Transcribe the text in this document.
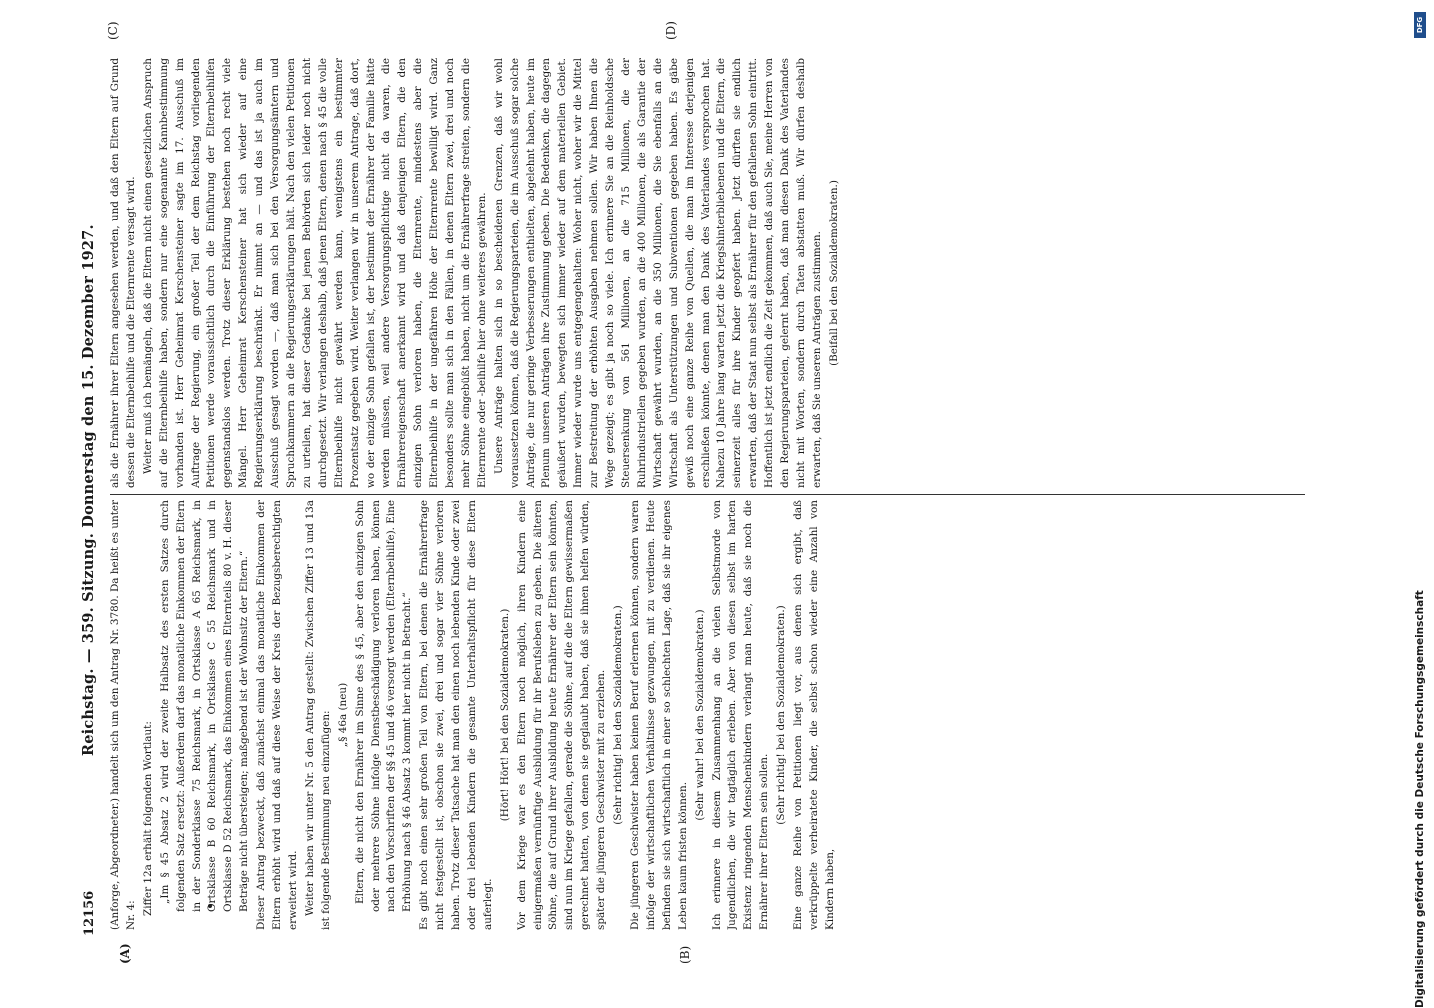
12156
Reichstag. — 359. Sitzung. Donnerstag den 15. Dezember 1927.
(A)	(B)
(C)	(D)

(Anforge, Abgeordneter.) handelt sich um den Antrag Nr. 3780. Da heißt es unter Nr. 4: Ziffer 12a erhält folgenden Wortlaut: „Im § 45 Absatz 2 wird der zweite Halbsatz des ersten Satzes durch folgenden Satz ersetzt: Außerdem darf das monatliche Einkommen der Eltern in der Sonderklasse 75 Reichsmark, in Ortsklasse A 65 Reichsmark, in Ortsklasse B 60 Reichsmark, in Ortsklasse C 55 Reichsmark und in Ortsklasse D 52 Reichsmark, das Einkommen eines Elternteils 80 v. H. dieser Beträge nicht übersteigen; maßgebend ist der Wohnsitz der Eltern.“ Dieser Antrag bezweckt, daß zunächst einmal das monatliche Einkommen der Eltern erhöht wird und daß auf diese Weise der Kreis der Bezugsberechtigten erweitert wird. Weiter haben wir unter Nr. 5 den Antrag gestellt: Zwischen Ziffer 13 und 13a ist folgende Bestimmung neu einzufügen: „§ 46a (neu) Eltern, die nicht den Ernährer im Sinne des § 45, aber den einzigen Sohn oder mehrere Söhne infolge Dienstbeschädigung verloren haben, können nach den Vorschriften der §§ 45 und 46 versorgt werden (Elternbeihilfe). Eine Erhöhung nach § 46 Absatz 3 kommt hier nicht in Betracht.“ Es gibt noch einen sehr großen Teil von Eltern, bei denen die Ernährerfrage nicht festgestellt ist, obschon sie zwei, drei und sogar vier Söhne verloren haben. Trotz dieser Tatsache hat man den einen noch lebenden Kinde oder zwei oder drei lebenden Kindern die gesamte Unterhaltspflicht für diese Eltern auferlegt.

(Hört! Hört! bei den Sozialdemokraten.) Vor dem Kriege war es den Eltern noch möglich, ihren Kindern eine einigermaßen vernünftige Ausbildung für ihr Berufsleben zu geben. Die älteren Söhne, die auf Grund ihrer Ausbildung heute Ernährer der Eltern sein könnten, sind nun im Kriege gefallen, gerade die Söhne, auf die die Eltern gewissermaßen gerechnet hatten, von denen sie geglaubt haben, daß sie ihnen helfen würden, später die jüngeren Geschwister mit zu erziehen. (Sehr richtig! bei den Sozialdemokraten.) Die jüngeren Geschwister haben keinen Beruf erlernen können, sondern waren infolge der wirtschaftlichen Verhältnisse gezwungen, mit zu verdienen. Heute befinden sie sich wirtschaftlich in einer so schlechten Lage, daß sie ihr eigenes Leben kaum fristen können.

(Sehr wahr! bei den Sozialdemokraten.) Ich erinnere in diesem Zusammenhang an die vielen Selbstmorde von Jugendlichen, die wir tagtäglich erleben. Aber von diesen selbst im harten Existenz ringenden Menschenkindern verlangt man heute, daß sie noch die Ernährer ihrer Eltern sein sollen.

(Sehr richtig! bei den Sozialdemokraten.) Eine ganze Reihe von Petitionen liegt vor, aus denen sich ergibt, daß verkrüppelte verheiratete Kinder, die selbst schon wieder eine Anzahl von Kindern haben,

als die Ernährer ihrer Eltern angesehen werden, und daß den Eltern auf Grund dessen die Elternbeihilfe und die Elternrente versagt wird. Weiter muß ich bemängeln, daß die Eltern nicht einen gesetzlichen Anspruch auf die Elternbeihilfe haben, sondern nur eine sogenannte Kannbestimmung vorhanden ist. Herr Geheimrat Kerschensteiner sagte im 17. Ausschuß im Auftrage der Regierung, ein großer Teil der dem Reichstag vorliegenden Petitionen werde voraussichtlich durch die Einführung der Elternbeihilfen gegenstandslos werden. Trotz dieser Erklärung bestehen noch recht viele Mängel. Herr Geheimrat Kerschensteiner hat sich wieder auf eine Regierungserklärung beschränkt. Er nimmt an — und das ist ja auch im Ausschuß gesagt worden —, daß man sich bei den Versorgungsämtern und Spruchkammern an die Regierungserklärungen hält. Nach den vielen Petitionen zu urteilen, hat dieser Gedanke bei jenen Behörden sich leider noch nicht durchgesetzt. Wir verlangen deshalb, daß jenen Eltern, denen nach § 45 die volle Elternbeihilfe nicht gewährt werden kann, wenigstens ein bestimmter Prozentsatz gegeben wird. Weiter verlangen wir in unserem Antrage, daß dort, wo der einzige Sohn gefallen ist, der bestimmt der Ernährer der Familie hätte werden müssen, weil andere Versorgungspflichtige nicht da waren, die Ernährereigenschaft anerkannt wird und daß denjenigen Eltern, die den einzigen Sohn verloren haben, die Elternrente, mindestens aber die Elternbeihilfe in der ungefähren Höhe der Elternrente bewilligt wird. Ganz besonders sollte man sich in den Fällen, in denen Eltern zwei, drei und noch mehr Söhne eingebüßt haben, nicht um die Ernährerfrage streiten, sondern die Elternrente oder -beihilfe hier ohne weiteres gewähren. Unsere Anträge halten sich in so bescheidenen Grenzen, daß wir wohl voraussetzen können, daß die Regierungsparteien, die im Ausschuß sogar solche Anträge, die nur geringe Verbesserungen enthielten, abgelehnt haben, heute im Plenum unseren Anträgen ihre Zustimmung geben. Die Bedenken, die dagegen geäußert wurden, bewegten sich immer wieder auf dem materiellen Gebiet. Immer wieder wurde uns entgegengehalten: Woher nicht, woher wir die Mittel zur Bestreitung der erhöhten Ausgaben nehmen sollen. Wir haben Ihnen die Wege gezeigt; es gibt ja noch so viele. Ich erinnere Sie an die Reinholdsche Steuersenkung von 561 Millionen, an die 715 Millionen, die der Ruhrindustriellen gegeben wurden, an die 400 Millionen, die als Garantie der Wirtschaft gewährt wurden, an die 350 Millionen, die Sie ebenfalls an die Wirtschaft als Unterstützungen und Subventionen gegeben haben. Es gäbe gewiß noch eine ganze Reihe von Quellen, die man im Interesse derjenigen erschließen könnte, denen man den Dank des Vaterlandes versprochen hat. Nahezu 10 Jahre lang warten jetzt die Kriegshinterbliebenen und die Eltern, die seinerzeit alles für ihre Kinder geopfert haben. Jetzt dürften sie endlich erwarten, daß der Staat nun selbst als Ernährer für den gefallenen Sohn eintritt. Hoffentlich ist jetzt endlich die Zeit gekommen, daß auch Sie, meine Herren von den Regierungsparteien, gelernt haben, daß man diesen Dank des Vaterlandes nicht mit Worten, sondern durch Taten abstatten muß. Wir dürfen deshalb erwarten, daß Sie unseren Anträgen zustimmen. (Beifall bei den Sozialdemokraten.)

Digitalisierung gefördert durch die Deutsche Forschungsgemeinschaft
DFG
